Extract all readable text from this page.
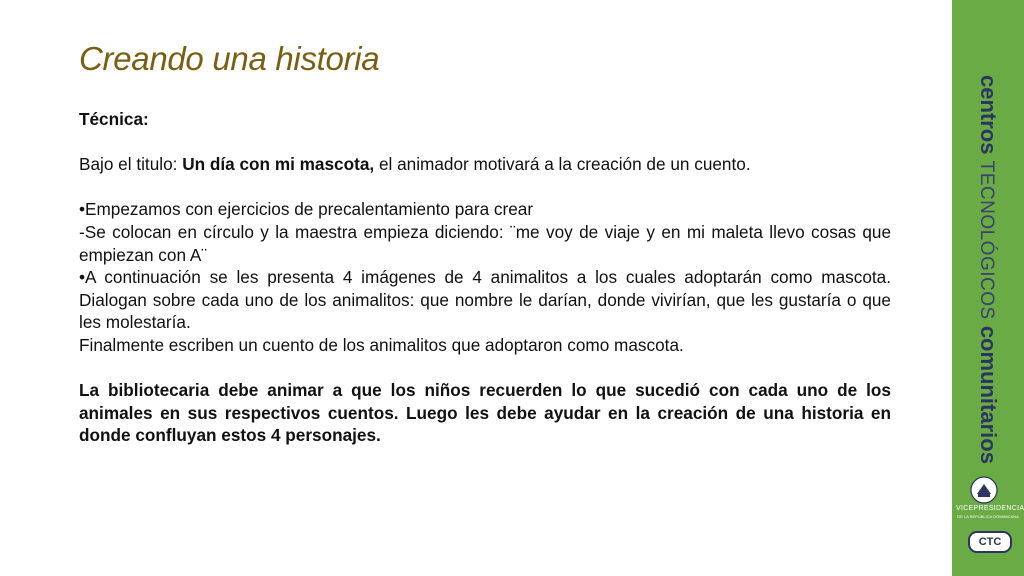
Creando una historia

Técnica:

Bajo el titulo: Un día con mi mascota, el animador motivará a la creación de un cuento.

•Empezamos con ejercicios de precalentamiento para crear

-Se colocan en círculo y la maestra empieza diciendo: ¨me voy de viaje y en mi maleta llevo cosas que empiezan con A¨

•A continuación se les presenta 4 imágenes de 4 animalitos a los cuales adoptarán como mascota. Dialogan sobre cada uno de los animalitos: que nombre le darían, donde vivirían, que les gustaría o que les molestaría.

Finalmente escriben un cuento de los animalitos que adoptaron como mascota.

La bibliotecaria debe animar a que los niños recuerden lo que sucedió con cada uno de los animales en sus respectivos cuentos. Luego les debe ayudar en la creación de una historia en donde confluyan estos 4 personajes.

centros TECNOLÓGICOS comunitarios
VICEPRESIDENCIA
DE LA REPÚBLICA DOMINICANA
CTC
